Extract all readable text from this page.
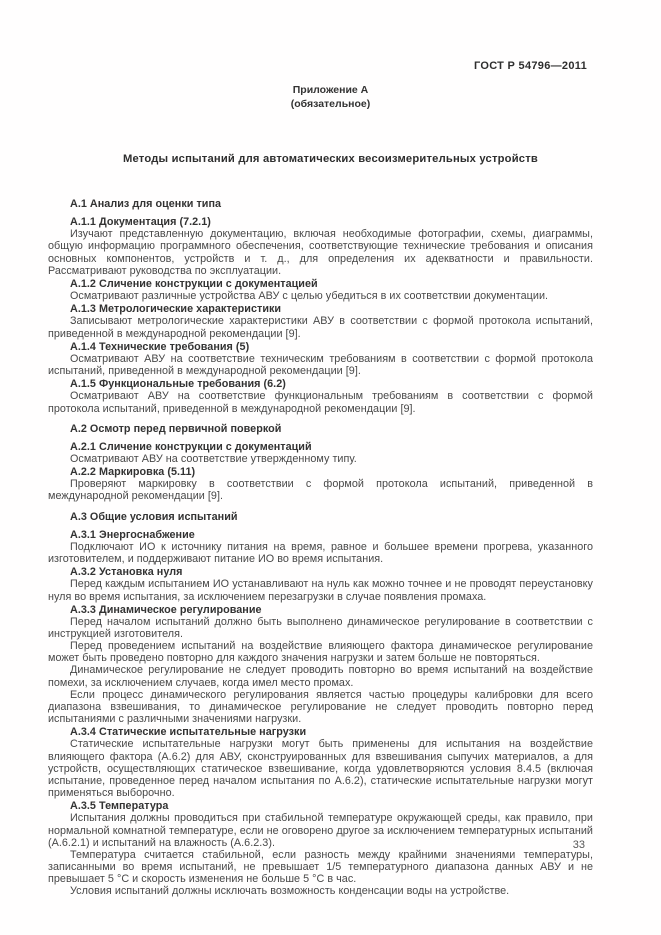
ГОСТ Р 54796—2011
Приложение А
(обязательное)
Методы испытаний для автоматических весоизмерительных устройств
А.1 Анализ для оценки типа
А.1.1 Документация (7.2.1)
Изучают представленную документацию, включая необходимые фотографии, схемы, диаграммы, общую информацию программного обеспечения, соответствующие технические требования и описания основных компонентов, устройств и т. д., для определения их адекватности и правильности. Рассматривают руководства по эксплуатации.
А.1.2 Сличение конструкции с документацией
Осматривают различные устройства АВУ с целью убедиться в их соответствии документации.
А.1.3 Метрологические характеристики
Записывают метрологические характеристики АВУ в соответствии с формой протокола испытаний, приведенной в международной рекомендации [9].
А.1.4 Технические требования (5)
Осматривают АВУ на соответствие техническим требованиям в соответствии с формой протокола испытаний, приведенной в международной рекомендации [9].
А.1.5 Функциональные требования (6.2)
Осматривают АВУ на соответствие функциональным требованиям в соответствии с формой протокола испытаний, приведенной в международной рекомендации [9].
А.2 Осмотр перед первичной поверкой
А.2.1 Сличение конструкции с документаций
Осматривают АВУ на соответствие утвержденному типу.
А.2.2 Маркировка (5.11)
Проверяют маркировку в соответствии с формой протокола испытаний, приведенной в международной рекомендации [9].
А.3 Общие условия испытаний
А.3.1 Энергоснабжение
Подключают ИО к источнику питания на время, равное и большее времени прогрева, указанного изготовителем, и поддерживают питание ИО во время испытания.
А.3.2 Установка нуля
Перед каждым испытанием ИО устанавливают на нуль как можно точнее и не проводят переустановку нуля во время испытания, за исключением перезагрузки в случае появления промаха.
А.3.3 Динамическое регулирование
Перед началом испытаний должно быть выполнено динамическое регулирование в соответствии с инструкцией изготовителя.
Перед проведением испытаний на воздействие влияющего фактора динамическое регулирование может быть проведено повторно для каждого значения нагрузки и затем больше не повторяться.
Динамическое регулирование не следует проводить повторно во время испытаний на воздействие помехи, за исключением случаев, когда имел место промах.
Если процесс динамического регулирования является частью процедуры калибровки для всего диапазона взвешивания, то динамическое регулирование не следует проводить повторно перед испытаниями с различными значениями нагрузки.
А.3.4 Статические испытательные нагрузки
Статические испытательные нагрузки могут быть применены для испытания на воздействие влияющего фактора (А.6.2) для АВУ, сконструированных для взвешивания сыпучих материалов, а для устройств, осуществляющих статическое взвешивание, когда удовлетворяются условия 8.4.5 (включая испытание, проведенное перед началом испытания по А.6.2), статические испытательные нагрузки могут применяться выборочно.
А.3.5 Температура
Испытания должны проводиться при стабильной температуре окружающей среды, как правило, при нормальной комнатной температуре, если не оговорено другое за исключением температурных испытаний (А.6.2.1) и испытаний на влажность (А.6.2.3).
Температура считается стабильной, если разность между крайними значениями температуры, записанными во время испытаний, не превышает 1/5 температурного диапазона данных АВУ и не превышает 5 °С и скорость изменения не больше 5 °С в час.
Условия испытаний должны исключать возможность конденсации воды на устройстве.
33
